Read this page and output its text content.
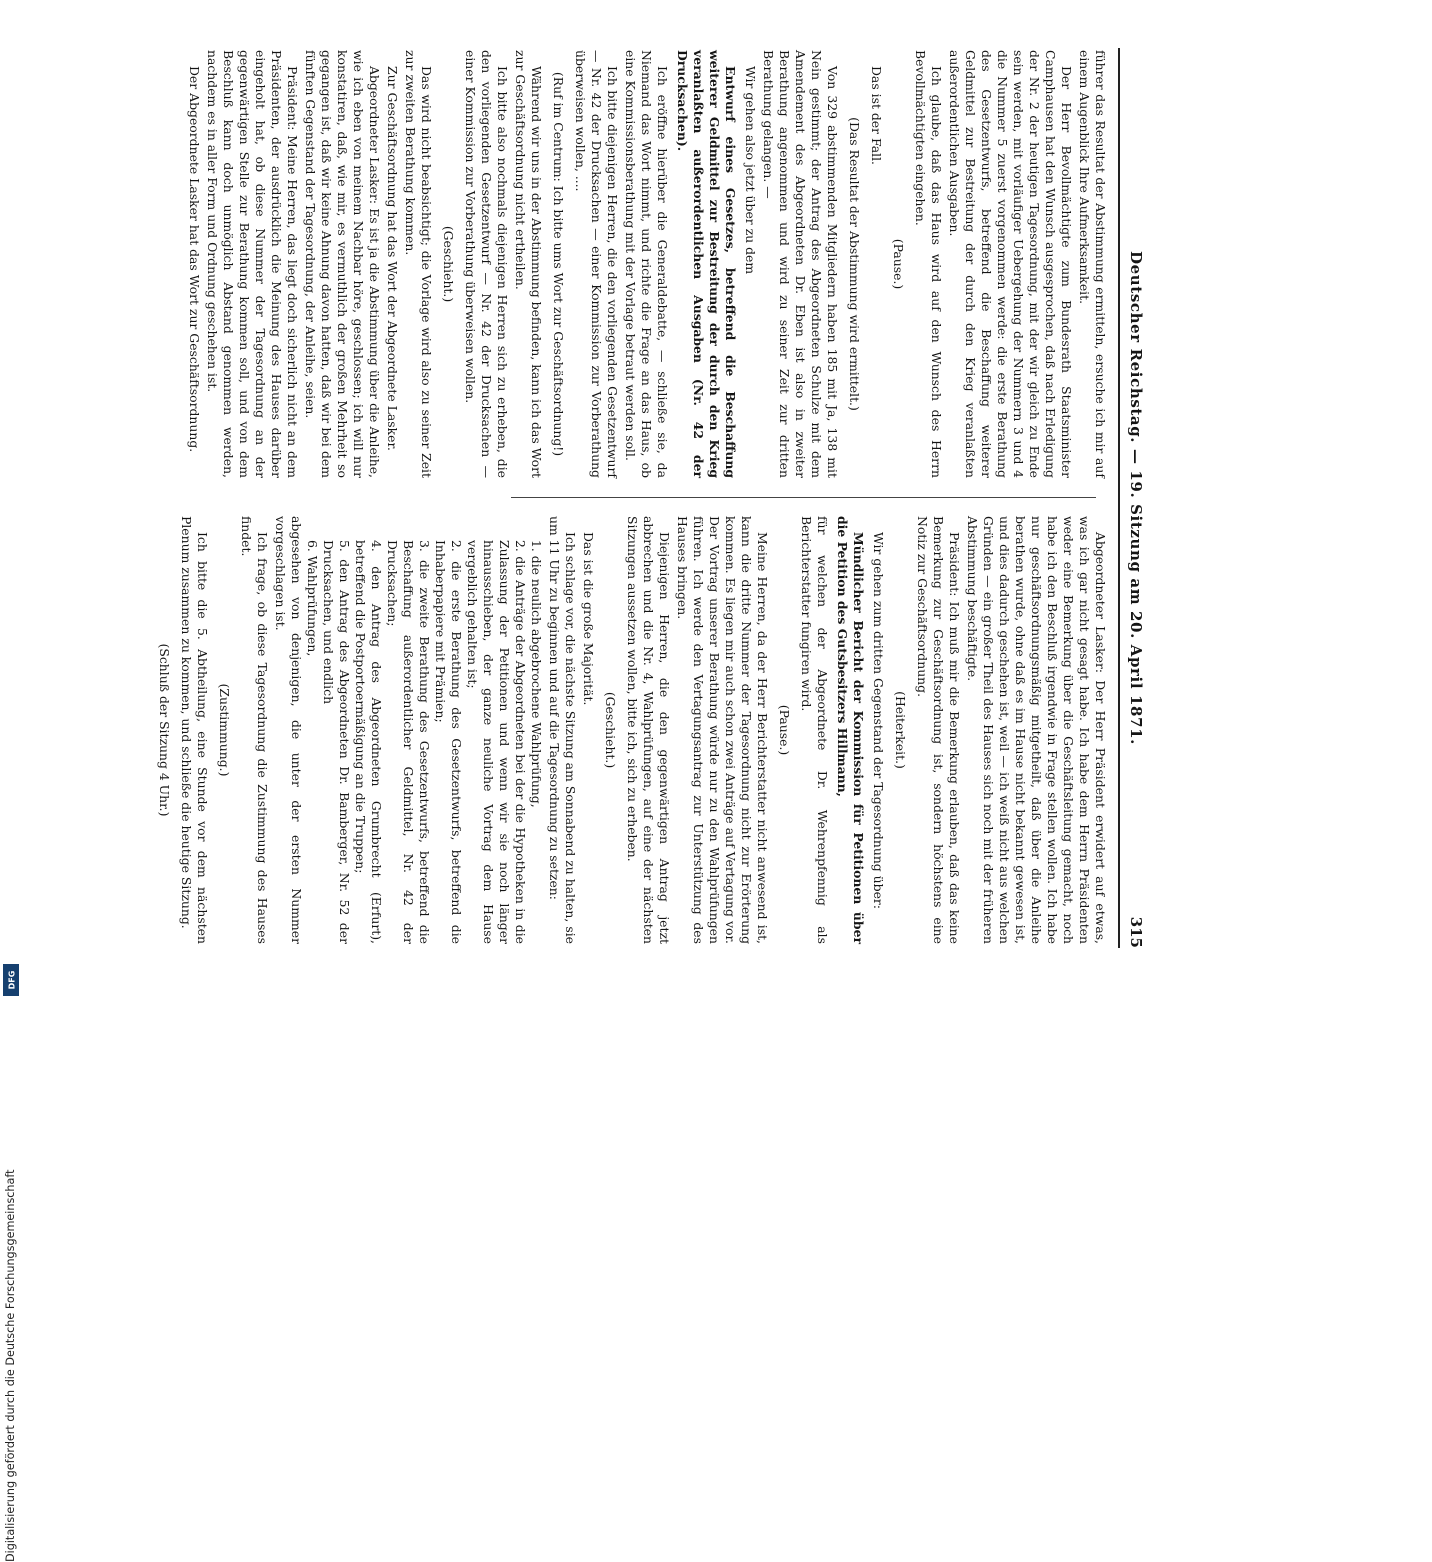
Deutscher Reichstag. — 19. Sitzung am 20. April 1871.
315

führer das Resultat der Abstimmung ermitteln, ersuche ich mir auf einem Augenblick Ihre Aufmerksamkeit.

Der Herr Bevollmächtigte zum Bundesrath Staatsminister Camphausen hat den Wunsch ausgesprochen, daß nach Erledigung der Nr. 2 der heutigen Tagesordnung, mit der wir gleich zu Ende sein werden, mit vorläufiger Uebergehung der Nummern 3 und 4 die Nummer 5 zuerst vorgenommen werde: die erste Berathung des Gesetzentwurfs, betreffend die Beschaffung weiterer Geldmittel zur Bestreitung der durch den Krieg veranlaßten außerordentlichen Ausgaben.

Ich glaube, daß das Haus wird auf den Wunsch des Herrn Bevollmächtigten eingehen.

(Pause.)

Das ist der Fall.

(Das Resultat der Abstimmung wird ermittelt.)

Von 329 abstimmenden Mitgliedern haben 185 mit Ja, 138 mit Nein gestimmt; der Antrag des Abgeordneten Schulze mit dem Amendement des Abgeordneten Dr. Eben ist also in zweiter Berathung angenommen und wird zu seiner Zeit zur dritten Berathung gelangen. —

Wir gehen also jetzt über zu dem

Entwurf eines Gesetzes, betreffend die Beschaffung weiterer Geldmittel zur Bestreitung der durch den Krieg veranlaßten außerordentlichen Ausgaben (Nr. 42 der Drucksachen).

Ich eröffne hierüber die Generaldebatte, — schließe sie, da Niemand das Wort nimmt, und richte die Frage an das Haus, ob eine Kommissionsberathung mit der Vorlage betraut werden soll.

Ich bitte diejenigen Herren, die den vorliegenden Gesetzentwurf — Nr. 42 der Drucksachen — einer Kommission zur Vorberathung überweisen wollen, ....

(Ruf im Centrum: Ich bitte ums Wort zur Geschäftsordnung!)

Während wir uns in der Abstimmung befinden, kann ich das Wort zur Geschäftsordnung nicht ertheilen.

Ich bitte also nochmals diejenigen Herren sich zu erheben, die den vorliegenden Gesetzentwurf — Nr. 42 der Drucksachen — einer Kommission zur Vorberathung überweisen wollen.

(Geschieht.)

Das wird nicht beabsichtigt; die Vorlage wird also zu seiner Zeit zur zweiten Berathung kommen.

Zur Geschäftsordnung hat das Wort der Abgeordnete Lasker.

Abgeordneter Lasker: Es ist ja die Abstimmung über die Anleihe, wie ich eben von meinem Nachbar höre, geschlossen; ich will nur konstatiren, daß, wie mir, es vermuthlich der großen Mehrheit so gegangen ist, daß wir keine Ahnung davon hatten, daß wir bei dem fünften Gegenstand der Tagesordnung, der Anleihe, seien.

Präsident: Meine Herren, das liegt doch sicherlich nicht an dem Präsidenten, der ausdrücklich die Meinung des Hauses darüber eingeholt hat, ob diese Nummer der Tagesordnung an der gegenwärtigen Stelle zur Berathung kommen soll, und von dem Beschluß kann doch unmöglich Abstand genommen werden, nachdem es in aller Form und Ordnung geschehen ist.

Der Abgeordnete Lasker hat das Wort zur Geschäftsordnung.

Abgeordneter Lasker: Der Herr Präsident erwidert auf etwas, was ich gar nicht gesagt habe. Ich habe dem Herrn Präsidenten weder eine Bemerkung über die Geschäftsleitung gemacht, noch habe ich den Beschluß irgendwie in Frage stellen wollen. Ich habe nur geschäftsordnungsmäßig mitgetheilt, daß über die Anleihe berathen wurde, ohne daß es im Hause nicht bekannt gewesen ist, und dies dadurch geschehen ist, weil — ich weiß nicht aus welchen Gründen — ein großer Theil des Hauses sich noch mit der früheren Abstimmung beschäftigte.

Präsident: Ich muß mir die Bemerkung erlauben, daß das keine Bemerkung zur Geschäftsordnung ist, sondern höchstens eine Notiz zur Geschäftsordnung.

(Heiterkeit.)

Wir gehen zum dritten Gegenstand der Tagesordnung über:

Mündlicher Bericht der Kommission für Petitionen über die Petition des Gutsbesitzers Hillmann,

für welchen der Abgeordnete Dr. Wehrenpfennig als Berichterstatter fungiren wird.

(Pause.)

Meine Herren, da der Herr Berichterstatter nicht anwesend ist, kann die dritte Nummer der Tagesordnung nicht zur Erörterung kommen. Es liegen mir auch schon zwei Anträge auf Vertagung vor. Der Vortrag unserer Berathung würde nur zu den Wahlprüfungen führen. Ich werde den Vertagungsantrag zur Unterstützung des Hauses bringen.

Diejenigen Herren, die den gegenwärtigen Antrag jetzt abbrechen und die Nr. 4, Wahlprüfungen, auf eine der nächsten Sitzungen aussetzen wollen, bitte ich, sich zu erheben.

(Geschieht.)

Das ist die große Majorität.

Ich schlage vor, die nächste Sitzung am Sonnabend zu halten, sie um 11 Uhr zu beginnen und auf die Tagesordnung zu setzen:

1. die neulich abgebrochene Wahlprüfung,
2. die Anträge der Abgeordneten bei der die Hypotheken in die Zulassung der Petitionen und wenn wir sie noch länger hinausschieben, der ganze neuliche Vortrag dem Hause vergeblich gehalten ist;
2. die erste Berathung des Gesetzentwurfs, betreffend die Inhaberpapiere mit Prämien;
3. die zweite Berathung des Gesetzentwurfs, betreffend die Beschaffung außerordentlicher Geldmittel, Nr. 42 der Drucksachen;
4. den Antrag des Abgeordneten Grumbrecht (Erfurt), betreffend die Postportoermäßigung an die Truppen;
5. den Antrag des Abgeordneten Dr. Bamberger, Nr. 52 der Drucksachen, und endlich
6. Wahlprüfungen,

abgesehen von denjenigen, die unter der ersten Nummer vorgeschlagen ist.

Ich frage, ob diese Tagesordnung die Zustimmung des Hauses findet.

(Zustimmung.)

Ich bitte die 5. Abtheilung, eine Stunde vor dem nächsten Plenum zusammen zu kommen, und schließe die heutige Sitzung.

(Schluß der Sitzung 4 Uhr.)
Digitalisierung gefördert durch die Deutsche Forschungsgemeinschaft
DFG
